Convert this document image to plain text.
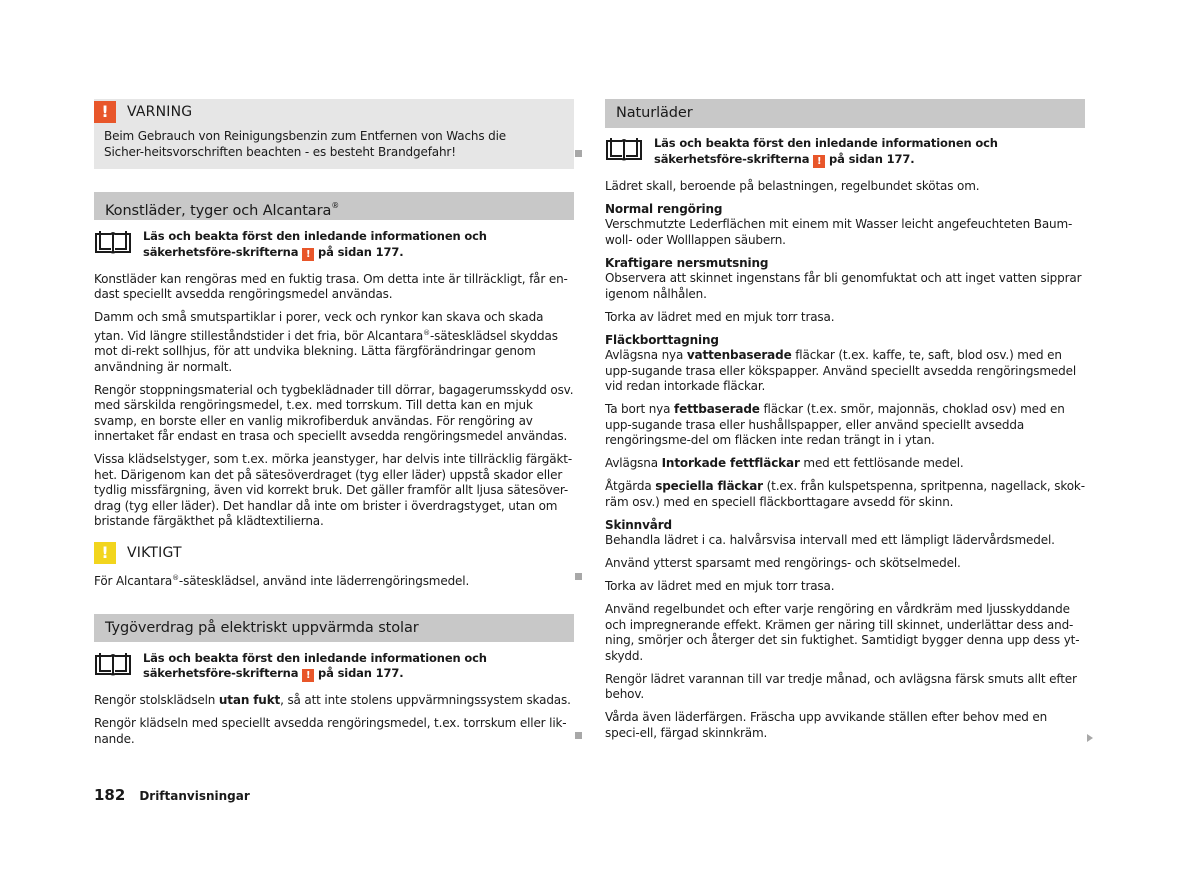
!	VARNING

Beim Gebrauch von Reinigungsbenzin zum Entfernen von Wachs die Sicher-heitsvorschriften beachten - es besteht Brandgefahr!

Konstläder, tyger och Alcantara®

Läs och beakta först den inledande informationen och säkerhetsföre-skrifterna ! på sidan 177.

Konstläder kan rengöras med en fuktig trasa. Om detta inte är tillräckligt, får en-dast speciellt avsedda rengöringsmedel användas.

Damm och små smutspartiklar i porer, veck och rynkor kan skava och skada ytan. Vid längre stilleståndstider i det fria, bör Alcantara®-sätesklädsel skyddas mot di-rekt sollhjus, för att undvika blekning. Lätta färgförändringar genom användning är normalt.

Rengör stoppningsmaterial och tygbeklädnader till dörrar, bagagerumsskydd osv. med särskilda rengöringsmedel, t.ex. med torrskum. Till detta kan en mjuk svamp, en borste eller en vanlig mikrofiberduk användas. För rengöring av innertaket får endast en trasa och speciellt avsedda rengöringsmedel användas.

Vissa klädselstyger, som t.ex. mörka jeanstyger, har delvis inte tillräcklig färgäkt-het. Därigenom kan det på sätesöverdraget (tyg eller läder) uppstå skador eller tydlig missfärgning, även vid korrekt bruk. Det gäller framför allt ljusa sätesöver-drag (tyg eller läder). Det handlar då inte om brister i överdragstyget, utan om bristande färgäkthet på klädtextilierna.

!	VIKTIGT

För Alcantara®-sätesklädsel, använd inte läderrengöringsmedel.

Tygöverdrag på elektriskt uppvärmda stolar

Läs och beakta först den inledande informationen och säkerhetsföre-skrifterna ! på sidan 177.

Rengör stolsklädseln utan fukt, så att inte stolens uppvärmningssystem skadas.

Rengör klädseln med speciellt avsedda rengöringsmedel, t.ex. torrskum eller lik-nande.

Naturläder

Läs och beakta först den inledande informationen och säkerhetsföre-skrifterna ! på sidan 177.

Lädret skall, beroende på belastningen, regelbundet skötas om.

Normal rengöring

Verschmutzte Lederflächen mit einem mit Wasser leicht angefeuchteten Baum-woll- oder Wolllappen säubern.

Kraftigare nersmutsning

Observera att skinnet ingenstans får bli genomfuktat och att inget vatten sipprar igenom nålhålen.

Torka av lädret med en mjuk torr trasa.

Fläckborttagning

Avlägsna nya vattenbaserade fläckar (t.ex. kaffe, te, saft, blod osv.) med en upp-sugande trasa eller kökspapper. Använd speciellt avsedda rengöringsmedel vid redan intorkade fläckar.

Ta bort nya fettbaserade fläckar (t.ex. smör, majonnäs, choklad osv) med en upp-sugande trasa eller hushållspapper, eller använd speciellt avsedda rengöringsme-del om fläcken inte redan trängt in i ytan.

Avlägsna Intorkade fettfläckar med ett fettlösande medel.

Åtgärda speciella fläckar (t.ex. från kulspetspenna, spritpenna, nagellack, skok-räm osv.) med en speciell fläckborttagare avsedd för skinn.

Skinnvård

Behandla lädret i ca. halvårsvisa intervall med ett lämpligt lädervårdsmedel.

Använd ytterst sparsamt med rengörings- och skötselmedel.

Torka av lädret med en mjuk torr trasa.

Använd regelbundet och efter varje rengöring en vårdkräm med ljusskyddande och impregnerande effekt. Krämen ger näring till skinnet, underlättar dess and-ning, smörjer och återger det sin fuktighet. Samtidigt bygger denna upp dess yt-skydd.

Rengör lädret varannan till var tredje månad, och avlägsna färsk smuts allt efter behov.

Vårda även läderfärgen. Fräscha upp avvikande ställen efter behov med en speci-ell, färgad skinnkräm.

182 Driftanvisningar
